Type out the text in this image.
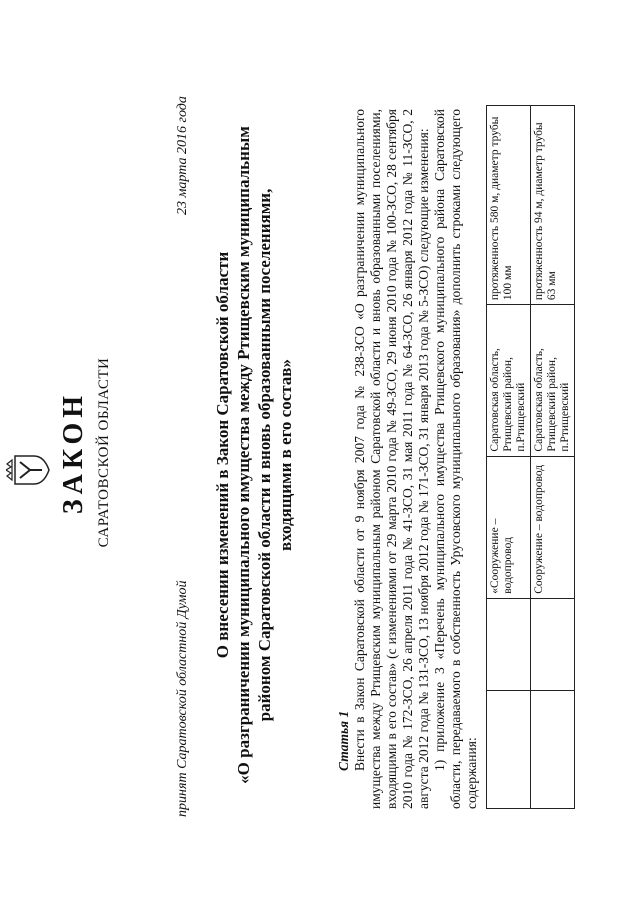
ЗАКОН САРАТОВСКОЙ ОБЛАСТИ
принят Саратовской областной Думой
23 марта 2016 года
О внесении изменений в Закон Саратовской области «О разграничении муниципального имущества между Ртищевским муниципальным районом Саратовской области и вновь образованными поселениями, входящими в его состав»
Статья 1 Внести в Закон Саратовской области от 9 ноября 2007 года № 238-ЗСО «О разграничении муниципального имущества между Ртищевским муниципальным районом Саратовской области и вновь образованными поселениями, входящими в его состав» (с изменениями от 29 марта 2010 года № 49-ЗСО, 29 июня 2010 года № 100-ЗСО, 28 сентября 2010 года № 172-ЗСО, 26 апреля 2011 года № 41-ЗСО, 31 мая 2011 года № 64-ЗСО, 26 января 2012 года № 11-ЗСО, 2 августа 2012 года № 131-ЗСО, 13 ноября 2012 года № 171-ЗСО, 31 января 2013 года № 5-ЗСО) следующие изменения: 1) приложение 3 «Перечень муниципального имущества Ртищевского муниципального района Саратовской области, передаваемого в собственность Урусовского муниципального образования» дополнить строками следующего содержания:

		«Сооружение – водопровод	Саратовская область, Ртищевский район, п.Ртищевский	протяженность 580 м, диаметр трубы 100 мм
		Сооружение – водопровод	Саратовская область, Ртищевский район, п.Ртищевский	протяженность 94 м, диаметр трубы 63 мм
